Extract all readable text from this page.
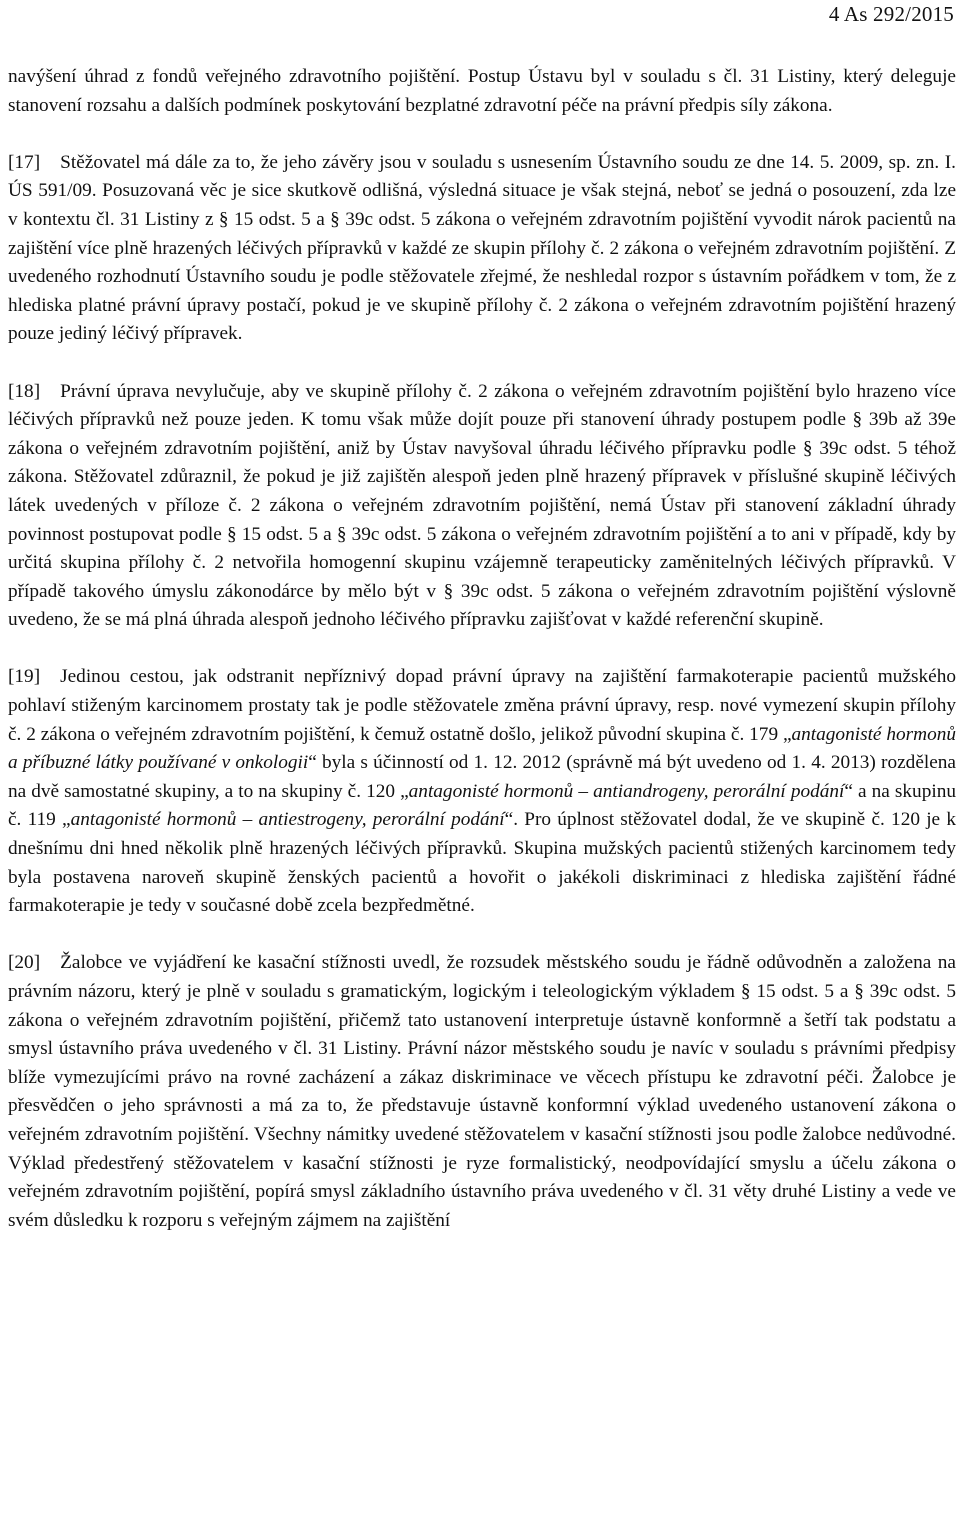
4 As 292/2015

navýšení úhrad z fondů veřejného zdravotního pojištění. Postup Ústavu byl v souladu s čl. 31 Listiny, který deleguje stanovení rozsahu a dalších podmínek poskytování bezplatné zdravotní péče na právní předpis síly zákona.

[17] Stěžovatel má dále za to, že jeho závěry jsou v souladu s usnesením Ústavního soudu ze dne 14. 5. 2009, sp. zn. I. ÚS 591/09. Posuzovaná věc je sice skutkově odlišná, výsledná situace je však stejná, neboť se jedná o posouzení, zda lze v kontextu čl. 31 Listiny z § 15 odst. 5 a § 39c odst. 5 zákona o veřejném zdravotním pojištění vyvodit nárok pacientů na zajištění více plně hrazených léčivých přípravků v každé ze skupin přílohy č. 2 zákona o veřejném zdravotním pojištění. Z uvedeného rozhodnutí Ústavního soudu je podle stěžovatele zřejmé, že neshledal rozpor s ústavním pořádkem v tom, že z hlediska platné právní úpravy postačí, pokud je ve skupině přílohy č. 2 zákona o veřejném zdravotním pojištění hrazený pouze jediný léčivý přípravek.

[18] Právní úprava nevylučuje, aby ve skupině přílohy č. 2 zákona o veřejném zdravotním pojištění bylo hrazeno více léčivých přípravků než pouze jeden. K tomu však může dojít pouze při stanovení úhrady postupem podle § 39b až 39e zákona o veřejném zdravotním pojištění, aniž by Ústav navyšoval úhradu léčivého přípravku podle § 39c odst. 5 téhož zákona. Stěžovatel zdůraznil, že pokud je již zajištěn alespoň jeden plně hrazený přípravek v příslušné skupině léčivých látek uvedených v příloze č. 2 zákona o veřejném zdravotním pojištění, nemá Ústav při stanovení základní úhrady povinnost postupovat podle § 15 odst. 5 a § 39c odst. 5 zákona o veřejném zdravotním pojištění a to ani v případě, kdy by určitá skupina přílohy č. 2 netvořila homogenní skupinu vzájemně terapeuticky zaměnitelných léčivých přípravků. V případě takového úmyslu zákonodárce by mělo být v § 39c odst. 5 zákona o veřejném zdravotním pojištění výslovně uvedeno, že se má plná úhrada alespoň jednoho léčivého přípravku zajišťovat v každé referenční skupině.

[19] Jedinou cestou, jak odstranit nepříznivý dopad právní úpravy na zajištění farmakoterapie pacientů mužského pohlaví stiženým karcinomem prostaty tak je podle stěžovatele změna právní úpravy, resp. nové vymezení skupin přílohy č. 2 zákona o veřejném zdravotním pojištění, k čemuž ostatně došlo, jelikož původní skupina č. 179 „antagonisté hormonů a příbuzné látky používané v onkologii“ byla s účinností od 1. 12. 2012 (správně má být uvedeno od 1. 4. 2013) rozdělena na dvě samostatné skupiny, a to na skupiny č. 120 „antagonisté hormonů – antiandrogeny, perorální podání“ a na skupinu č. 119 „antagonisté hormonů – antiestrogeny, perorální podání“. Pro úplnost stěžovatel dodal, že ve skupině č. 120 je k dnešnímu dni hned několik plně hrazených léčivých přípravků. Skupina mužských pacientů stižených karcinomem tedy byla postavena naroveň skupině ženských pacientů a hovořit o jakékoli diskriminaci z hlediska zajištění řádné farmakoterapie je tedy v současné době zcela bezpředmětné.

[20] Žalobce ve vyjádření ke kasační stížnosti uvedl, že rozsudek městského soudu je řádně odůvodněn a založena na právním názoru, který je plně v souladu s gramatickým, logickým i teleologickým výkladem § 15 odst. 5 a § 39c odst. 5 zákona o veřejném zdravotním pojištění, přičemž tato ustanovení interpretuje ústavně konformně a šetří tak podstatu a smysl ústavního práva uvedeného v čl. 31 Listiny. Právní názor městského soudu je navíc v souladu s právními předpisy blíže vymezujícími právo na rovné zacházení a zákaz diskriminace ve věcech přístupu ke zdravotní péči. Žalobce je přesvědčen o jeho správnosti a má za to, že představuje ústavně konformní výklad uvedeného ustanovení zákona o veřejném zdravotním pojištění. Všechny námitky uvedené stěžovatelem v kasační stížnosti jsou podle žalobce nedůvodné. Výklad předestřený stěžovatelem v kasační stížnosti je ryze formalistický, neodpovídající smyslu a účelu zákona o veřejném zdravotním pojištění, popírá smysl základního ústavního práva uvedeného v čl. 31 věty druhé Listiny a vede ve svém důsledku k rozporu s veřejným zájmem na zajištění
